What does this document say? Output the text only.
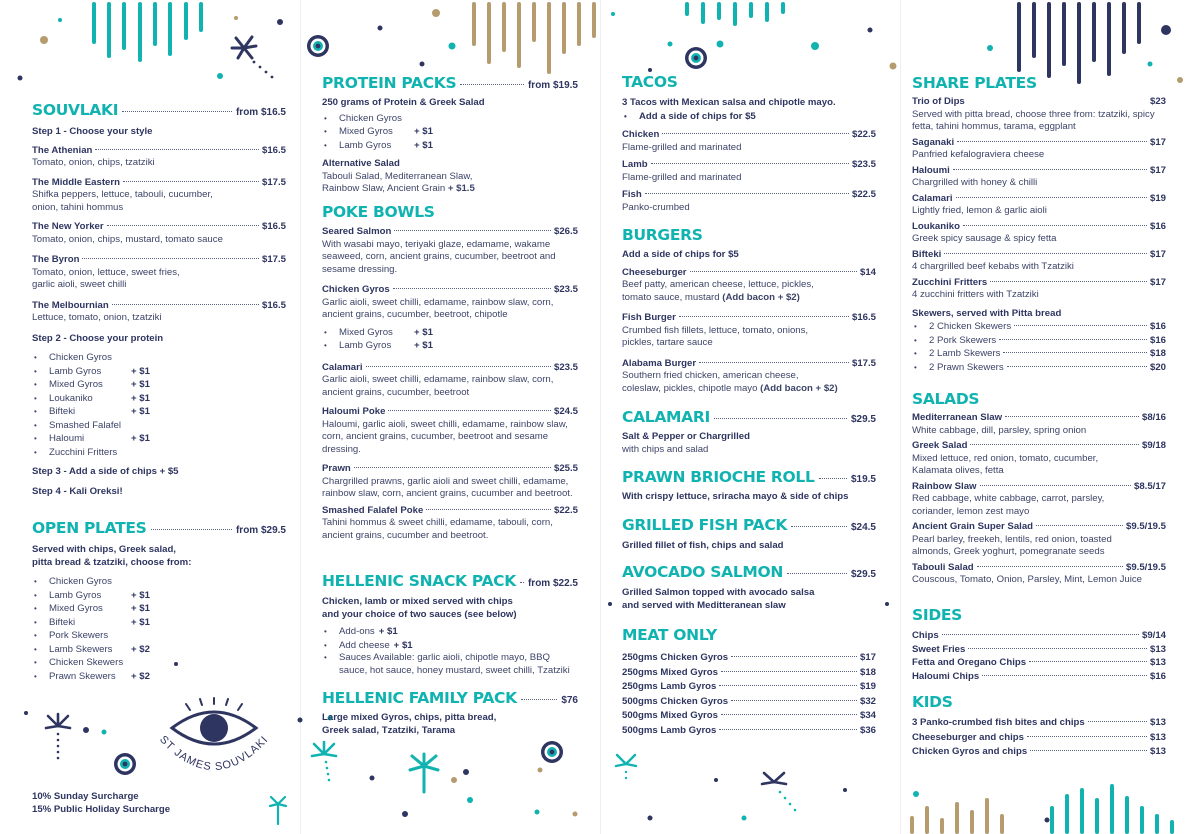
ST JAMES SOUVLAKI
SOUVLAKI	from $16.5
Step 1 - Choose your style
The Athenian	$16.5
Tomato, onion, chips, tzatziki
The Middle Eastern	$17.5
Shifka peppers, lettuce, tabouli, cucumber, onion, tahini hommus
The New Yorker	$16.5
Tomato, onion, chips, mustard, tomato sauce
The Byron	$17.5
Tomato, onion, lettuce, sweet fries, garlic aioli, sweet chilli
The Melbournian	$16.5
Lettuce, tomato, onion, tzatziki
Step 2 - Choose your protein
• Chicken Gyros
• Lamb Gyros	+ $1
• Mixed Gyros	+ $1
• Loukaniko	+ $1
• Bifteki	+ $1
• Smashed Falafel
• Haloumi	+ $1
• Zucchini Fritters
Step 3 - Add a side of chips + $5
Step 4 - Kali Oreksi!
OPEN PLATES	from $29.5
Served with chips, Greek salad,
pitta bread & tzatziki, choose from:
• Chicken Gyros
• Lamb Gyros	+ $1
• Mixed Gyros	+ $1
• Bifteki	+ $1
• Pork Skewers
• Lamb Skewers + $2
• Chicken Skewers
• Prawn Skewers + $2
10% Sunday Surcharge
15% Public Holiday Surcharge
PROTEIN PACKS	from $19.5
250 grams of Protein & Greek Salad
• Chicken Gyros
• Mixed Gyros + $1
• Lamb Gyros + $1
Alternative Salad
Tabouli Salad, Mediterranean Slaw,
Rainbow Slaw, Ancient Grain + $1.5
POKE BOWLS
Seared Salmon	$26.5
With wasabi mayo, teriyaki glaze, edamame, wakame seaweed, corn, ancient grains, cucumber, beetroot and sesame dressing.
Chicken Gyros	$23.5
Garlic aioli, sweet chilli, edamame, rainbow slaw, corn, ancient grains, cucumber, beetroot, chipotle
• Mixed Gyros + $1
• Lamb Gyros + $1
Calamari	$23.5
Garlic aioli, sweet chilli, edamame, rainbow slaw, corn, ancient grains, cucumber, beetroot
Haloumi Poke	$24.5
Haloumi, garlic aioli, sweet chilli, edamame, rainbow slaw, corn, ancient grains, cucumber, beetroot and sesame dressing.
Prawn	$25.5
Chargrilled prawns, garlic aioli and sweet chilli, edamame, rainbow slaw, corn, ancient grains, cucumber and beetroot.
Smashed Falafel Poke	$22.5
Tahini hommus & sweet chilli, edamame, tabouli, corn, ancient grains, cucumber and beetroot.
HELLENIC SNACK PACK from $22.5
Chicken, lamb or mixed served with chips
and your choice of two sauces (see below)
• Add-ons + $1
• Add cheese + $1
• Sauces Available: garlic aioli, chipotle mayo, BBQ sauce, hot sauce, honey mustard, sweet chilli, Tzatziki
HELLENIC FAMILY PACK	$76
Large mixed Gyros, chips, pitta bread,
Greek salad, Tzatziki, Tarama
TACOS
3 Tacos with Mexican salsa and chipotle mayo.
• Add a side of chips for $5
Chicken	$22.5
Flame-grilled and marinated
Lamb	$23.5
Flame-grilled and marinated
Fish	$22.5
Panko-crumbed
BURGERS
Add a side of chips for $5
Cheeseburger	$14
Beef patty, american cheese, lettuce, pickles,
tomato sauce, mustard (Add bacon + $2)
Fish Burger	$16.5
Crumbed fish fillets, lettuce, tomato, onions,
pickles, tartare sauce
Alabama Burger	$17.5
Southern fried chicken, american cheese,
coleslaw, pickles, chipotle mayo (Add bacon + $2)
CALAMARI	$29.5
Salt & Pepper or Chargrilled
with chips and salad
PRAWN BRIOCHE ROLL	$19.5
With crispy lettuce, sriracha mayo & side of chips
GRILLED FISH PACK	$24.5
Grilled fillet of fish, chips and salad
AVOCADO SALMON	$29.5
Grilled Salmon topped with avocado salsa
and served with Meditteranean slaw
MEAT ONLY
250gms Chicken Gyros	$17
250gms Mixed Gyros	$18
250gms Lamb Gyros	$19
500gms Chicken Gyros	$32
500gms Mixed Gyros	$34
500gms Lamb Gyros	$36
SHARE PLATES
Trio of Dips	$23
Served with pitta bread, choose three from: tzatziki, spicy fetta, tahini hommus, tarama, eggplant
Saganaki	$17
Panfried kefalograviera cheese
Haloumi	$17
Chargrilled with honey & chilli
Calamari	$19
Lightly fried, lemon & garlic aioli
Loukaniko	$16
Greek spicy sausage & spicy fetta
Bifteki	$17
4 chargrilled beef kebabs with Tzatziki
Zucchini Fritters	$17
4 zucchini fritters with Tzatziki
Skewers, served with Pitta bread
• 2 Chicken Skewers	$16
• 2 Pork Skewers	$16
• 2 Lamb Skewers	$18
• 2 Prawn Skewers	$20
SALADS
Mediterranean Slaw	$8/16
White cabbage, dill, parsley, spring onion
Greek Salad	$9/18
Mixed lettuce, red onion, tomato, cucumber, Kalamata olives, fetta
Rainbow Slaw	$8.5/17
Red cabbage, white cabbage, carrot, parsley, coriander, lemon zest mayo
Ancient Grain Super Salad	$9.5/19.5
Pearl barley, freekeh, lentils, red onion, toasted almonds, Greek yoghurt, pomegranate seeds
Tabouli Salad	$9.5/19.5
Couscous, Tomato, Onion, Parsley, Mint, Lemon Juice
SIDES
Chips	$9/14
Sweet Fries	$13
Fetta and Oregano Chips	$13
Haloumi Chips	$16
KIDS
3 Panko-crumbed fish bites and chips	$13
Cheeseburger and chips	$13
Chicken Gyros and chips	$13
